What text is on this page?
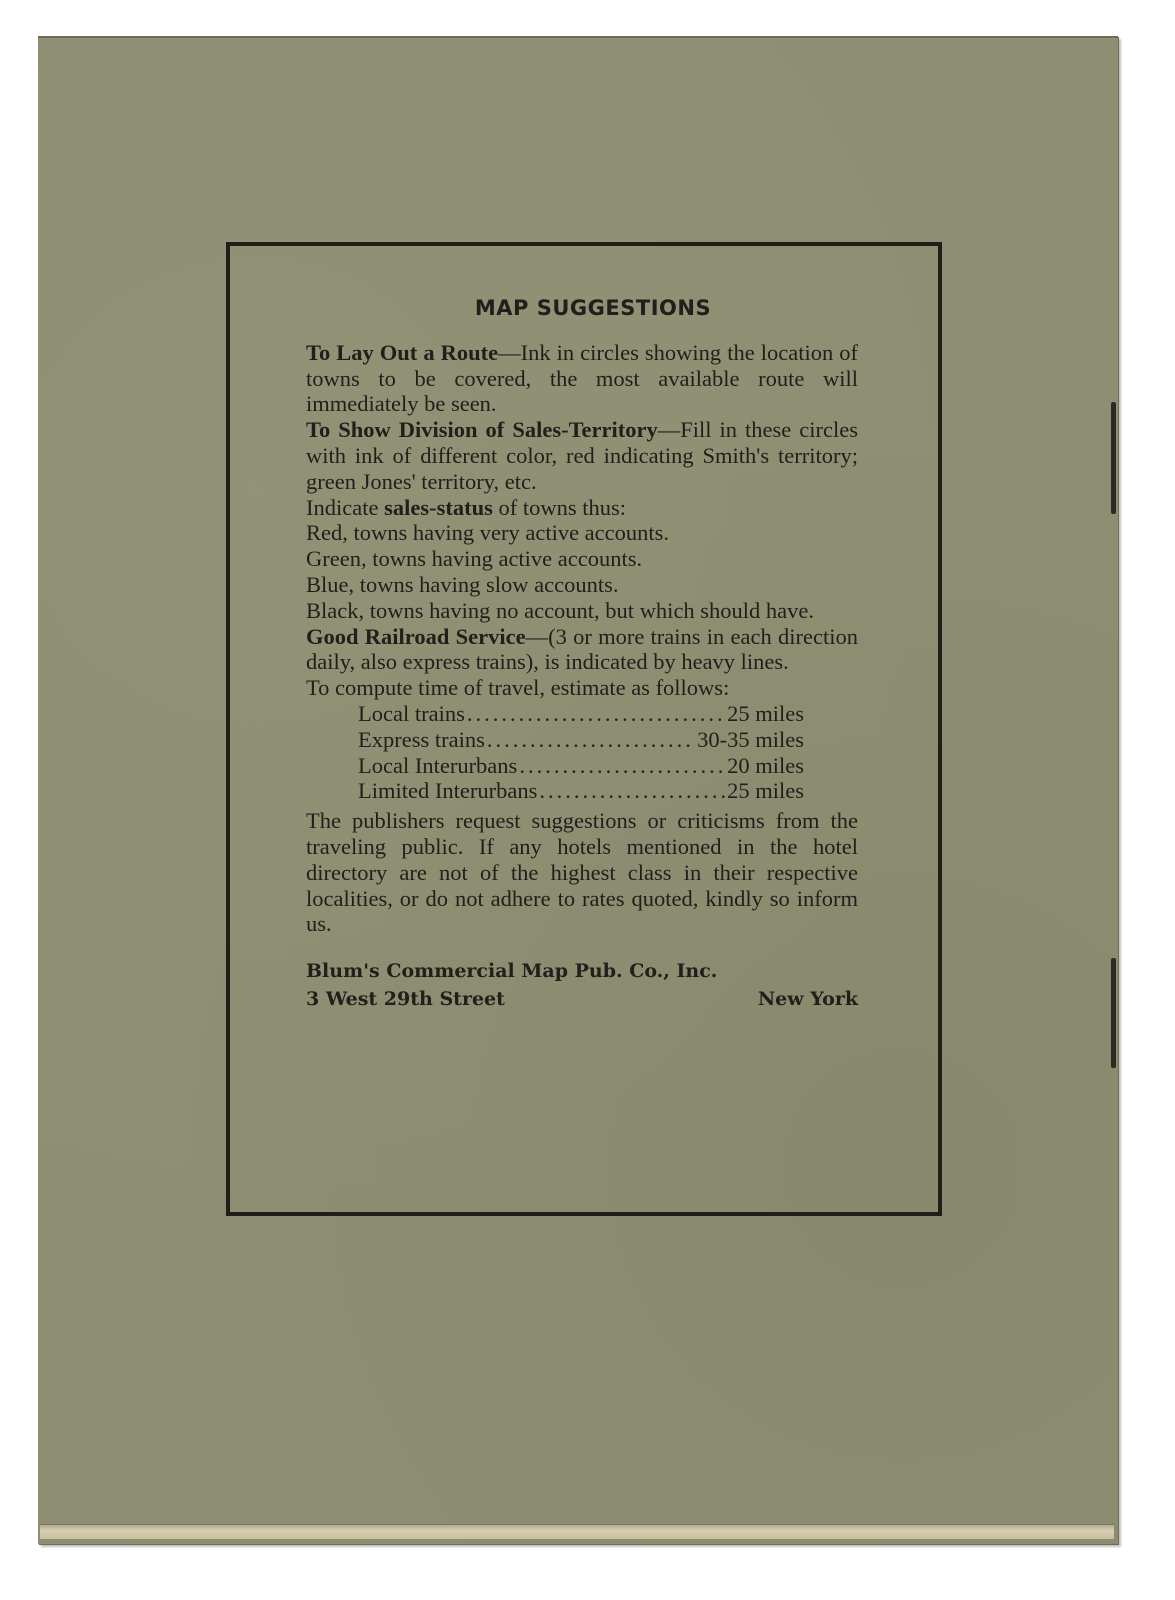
MAP SUGGESTIONS

To Lay Out a Route—Ink in circles showing the location of towns to be covered, the most available route will immediately be seen.

To Show Division of Sales-Territory—Fill in these circles with ink of different color, red indicating Smith's territory; green Jones' territory, etc.

Indicate sales-status of towns thus:

Red, towns having very active accounts.
Green, towns having active accounts.
Blue, towns having slow accounts.
Black, towns having no account, but which should have.

Good Railroad Service—(3 or more trains in each direction daily, also express trains), is indicated by heavy lines.

To compute time of travel, estimate as follows:

Local trains .....	25 miles
Express trains .....	30-35 miles
Local Interurbans .....	20 miles
Limited Interurbans .....	25 miles

The publishers request suggestions or criticisms from the traveling public. If any hotels mentioned in the hotel directory are not of the highest class in their respective localities, or do not adhere to rates quoted, kindly so inform us.

Blum's Commercial Map Pub. Co., Inc.
3 West 29th Street	New York
